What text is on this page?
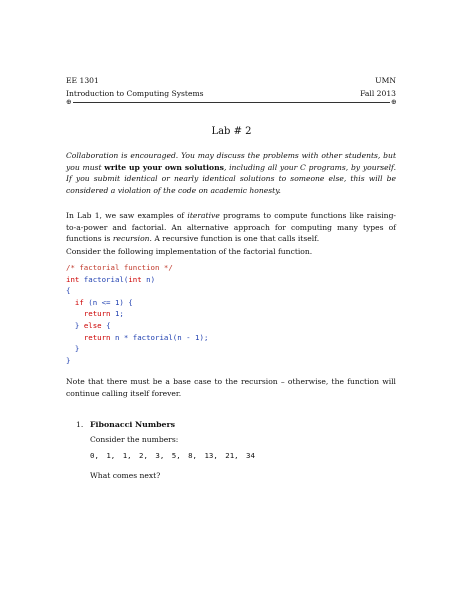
EE 1301	UMN
Introduction to Computing Systems	Fall 2013
⊕	⊕
Lab # 2
Collaboration is encouraged. You may discuss the problems with other students, but you must write up your own solutions, including all your C programs, by yourself. If you submit identical or nearly identical solutions to someone else, this will be considered a violation of the code on academic honesty.
In Lab 1, we saw examples of iterative programs to compute functions like raising-to-a-power and factorial. An alternative approach for computing many types of functions is recursion. A recursive function is one that calls itself.
Consider the following implementation of the factorial function.
/* factorial function */
int factorial(int n)
{
if (n <= 1) {
return 1;
} else {
return n * factorial(n - 1);
}
}
Note that there must be a base case to the recursion – otherwise, the function will continue calling itself forever.
1. Fibonacci Numbers
Consider the numbers:
0, 1, 1, 2, 3, 5, 8, 13, 21, 34
What comes next?
